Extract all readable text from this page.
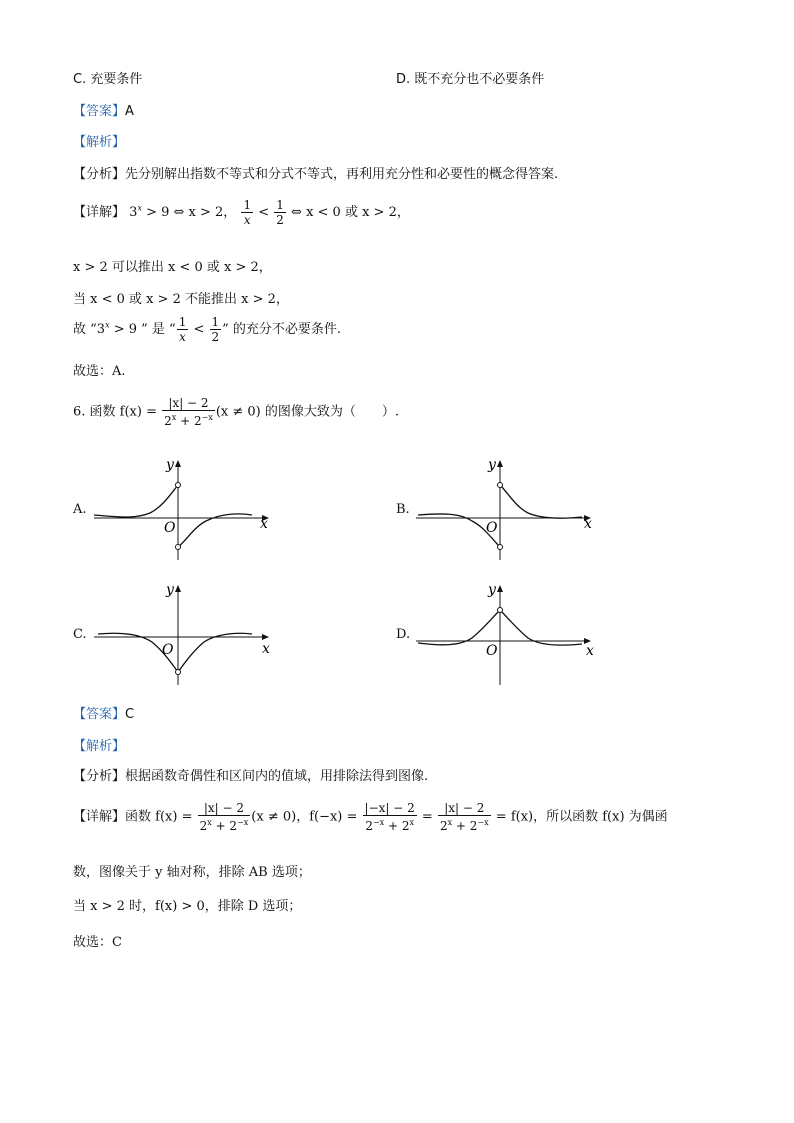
C. 充要条件	D. 既不充分也不必要条件
【答案】A
【解析】
【分析】先分别解出指数不等式和分式不等式，再利用充分性和必要性的概念得答案.
【详解】 $3^x > 9$ ⇔ x > 2， $\frac{1}{x} < \frac{1}{2}$ ⇔ x < 0 或 x > 2，
x > 2 可以推出 x < 0 或 x > 2，
当 x < 0 或 x > 2 不能推出 x > 2，
故 “$3^x > 9$ ” 是 “ $\frac{1}{x} < \frac{1}{2}$ ” 的充分不必要条件.
故选：A.
6. 函数 $f(x) = \frac{|x| - 2}{2^x + 2^{-x}} (x \ne 0)$ 的图像大致为（　　）.
A.
x
y
O
B.
x
y
O
C.
x
y
O
D.
x
y
O
【答案】C
【解析】
【分析】根据函数奇偶性和区间内的值域，用排除法得到图像.
【详解】函数 $f(x) = \frac{|x| - 2}{2^x + 2^{-x}} (x \ne 0)$，$f(-x) = \frac{|-x| - 2}{2^{-x} + 2^x} = \frac{|x| - 2}{2^x + 2^{-x}} = f(x)$，所以函数 f(x) 为偶函
数，图像关于 y 轴对称，排除 AB 选项；
当 x > 2 时，f(x) > 0，排除 D 选项；
故选：C
